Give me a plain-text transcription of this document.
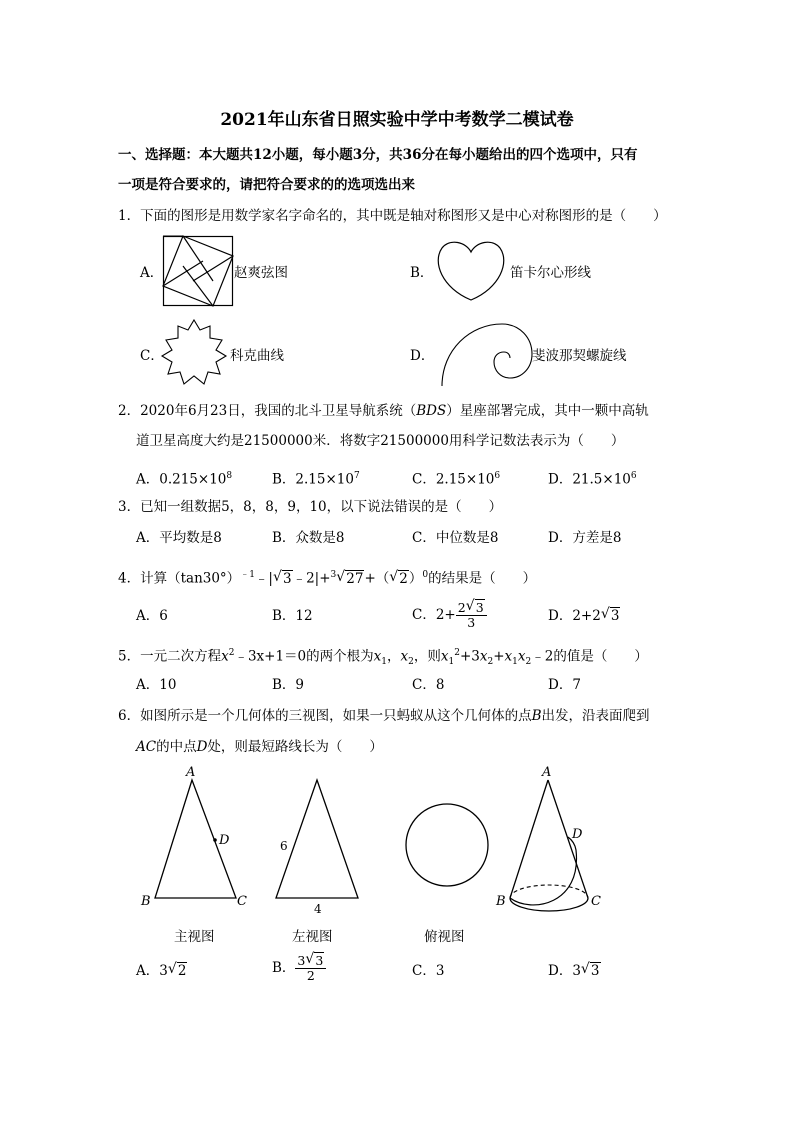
2021年山东省日照实验中学中考数学二模试卷
一、选择题：本大题共12小题，每小题3分，共36分在每小题给出的四个选项中，只有
一项是符合要求的，请把符合要求的的选项选出来
1．下面的图形是用数学家名字命名的，其中既是轴对称图形又是中心对称图形的是（　　）
A．	赵爽弦图	B．	笛卡尔心形线
C．	科克曲线	D．	斐波那契螺旋线
2．2020年6月23日，我国的北斗卫星导航系统（BDS）星座部署完成，其中一颗中高轨
道卫星高度大约是21500000米．将数字21500000用科学记数法表示为（　　）
A．$0.215\times 10^8$	B．$2.15\times 10^7$	C．$2.15\times 10^6$	D．$21.5\times 10^6$
3．已知一组数据5，8，8，9，10，以下说法错误的是（　　）
A．平均数是8	B．众数是8	C．中位数是8	D．方差是8
4．计算$(\tan 30^\circ)^{﹣1}﹣|$ √ 3﹣2|+$^3$ √ 27+（ √ 2）$^0$的结果是（　　）
A．6	B．12	C．$2+ \frac{2 √ 3}{3}$	D．2+2 √ 3
5．一元二次方程$x^2﹣3x+1=0$的两个根为$x_1$，$x_2$，则$x_1^2+3x_2+x_1x_2﹣2$的值是（　　）
A．10	B．9	C．8	D．7
6．如图所示是一个几何体的三视图，如果一只蚂蚁从这个几何体的点B出发，沿表面爬到
AC的中点D处，则最短路线长为（　　）
A
D
B	C
6
4
A
D
B	C
主视图	左视图	俯视图
A．3 √ 2	B． $\frac{3 √ 3}{2}$	C．3	D．3 √ 3
